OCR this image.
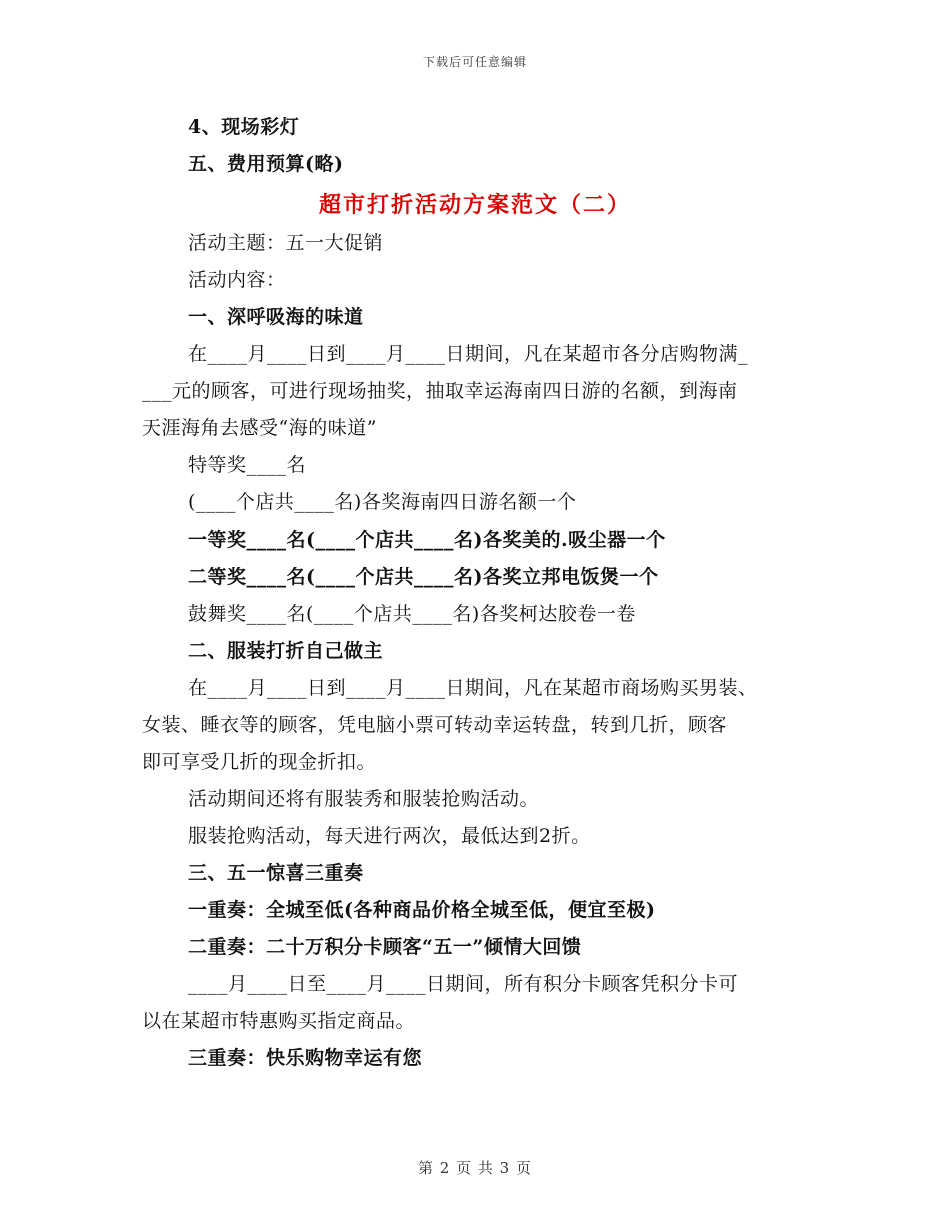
下载后可任意编辑
4、现场彩灯
五、费用预算(略)
超市打折活动方案范文（二）
活动主题：五一大促销
活动内容：
一、深呼吸海的味道
在____月____日到____月____日期间，凡在某超市各分店购物满_
___元的顾客，可进行现场抽奖，抽取幸运海南四日游的名额，到海南
天涯海角去感受“海的味道”
特等奖____名
(____个店共____名)各奖海南四日游名额一个
一等奖____名(____个店共____名)各奖美的.吸尘器一个
二等奖____名(____个店共____名)各奖立邦电饭煲一个
鼓舞奖____名(____个店共____名)各奖柯达胶卷一卷
二、服装打折自己做主
在____月____日到____月____日期间，凡在某超市商场购买男装、
女装、睡衣等的顾客，凭电脑小票可转动幸运转盘，转到几折，顾客
即可享受几折的现金折扣。
活动期间还将有服装秀和服装抢购活动。
服装抢购活动，每天进行两次，最低达到2折。
三、五一惊喜三重奏
一重奏：全城至低(各种商品价格全城至低，便宜至极)
二重奏：二十万积分卡顾客“五一”倾情大回馈
____月____日至____月____日期间，所有积分卡顾客凭积分卡可
以在某超市特惠购买指定商品。
三重奏：快乐购物幸运有您
第 2 页 共 3 页
